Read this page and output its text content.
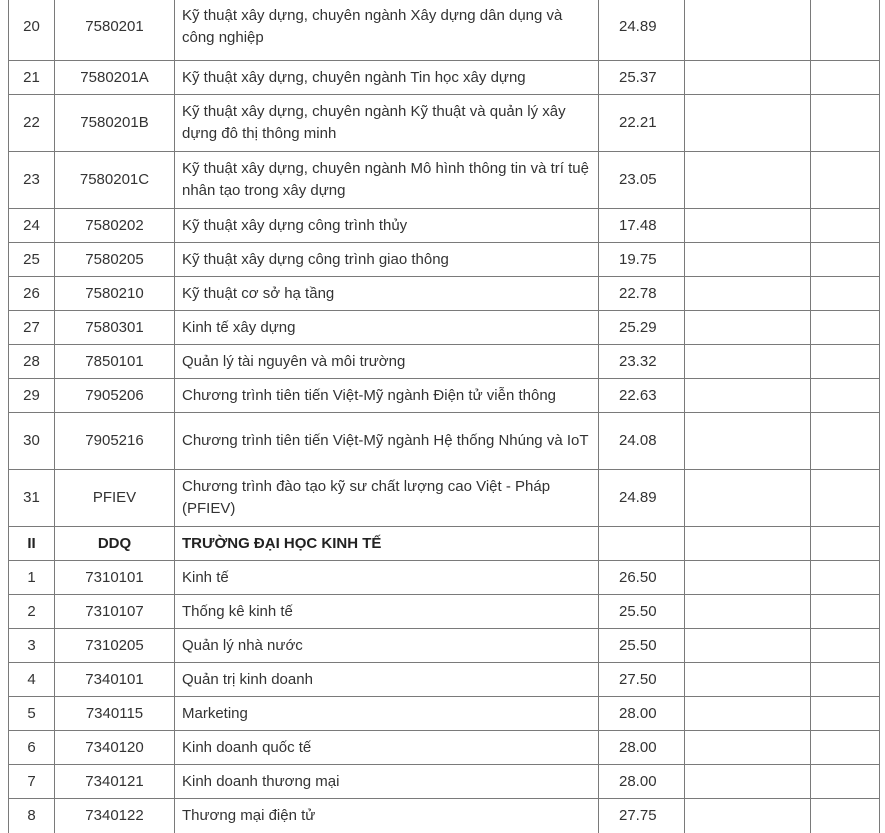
20	7580201	Kỹ thuật xây dựng, chuyên ngành Xây dựng dân dụng và công nghiệp	24.89		
21	7580201A	Kỹ thuật xây dựng, chuyên ngành Tin học xây dựng	25.37		
22	7580201B	Kỹ thuật xây dựng, chuyên ngành Kỹ thuật và quản lý xây dựng đô thị thông minh	22.21		
23	7580201C	Kỹ thuật xây dựng, chuyên ngành Mô hình thông tin và trí tuệ nhân tạo trong xây dựng	23.05		
24	7580202	Kỹ thuật xây dựng công trình thủy	17.48		
25	7580205	Kỹ thuật xây dựng công trình giao thông	19.75		
26	7580210	Kỹ thuật cơ sở hạ tầng	22.78		
27	7580301	Kinh tế xây dựng	25.29		
28	7850101	Quản lý tài nguyên và môi trường	23.32		
29	7905206	Chương trình tiên tiến Việt-Mỹ ngành Điện tử viễn thông	22.63		
30	7905216	Chương trình tiên tiến Việt-Mỹ ngành Hệ thống Nhúng và IoT	24.08		
31	PFIEV	Chương trình đào tạo kỹ sư chất lượng cao Việt - Pháp (PFIEV)	24.89		
II	DDQ	TRƯỜNG ĐẠI HỌC KINH TẾ			
1	7310101	Kinh tế	26.50		
2	7310107	Thống kê kinh tế	25.50		
3	7310205	Quản lý nhà nước	25.50		
4	7340101	Quản trị kinh doanh	27.50		
5	7340115	Marketing	28.00		
6	7340120	Kinh doanh quốc tế	28.00		
7	7340121	Kinh doanh thương mại	28.00		
8	7340122	Thương mại điện tử	27.75		
